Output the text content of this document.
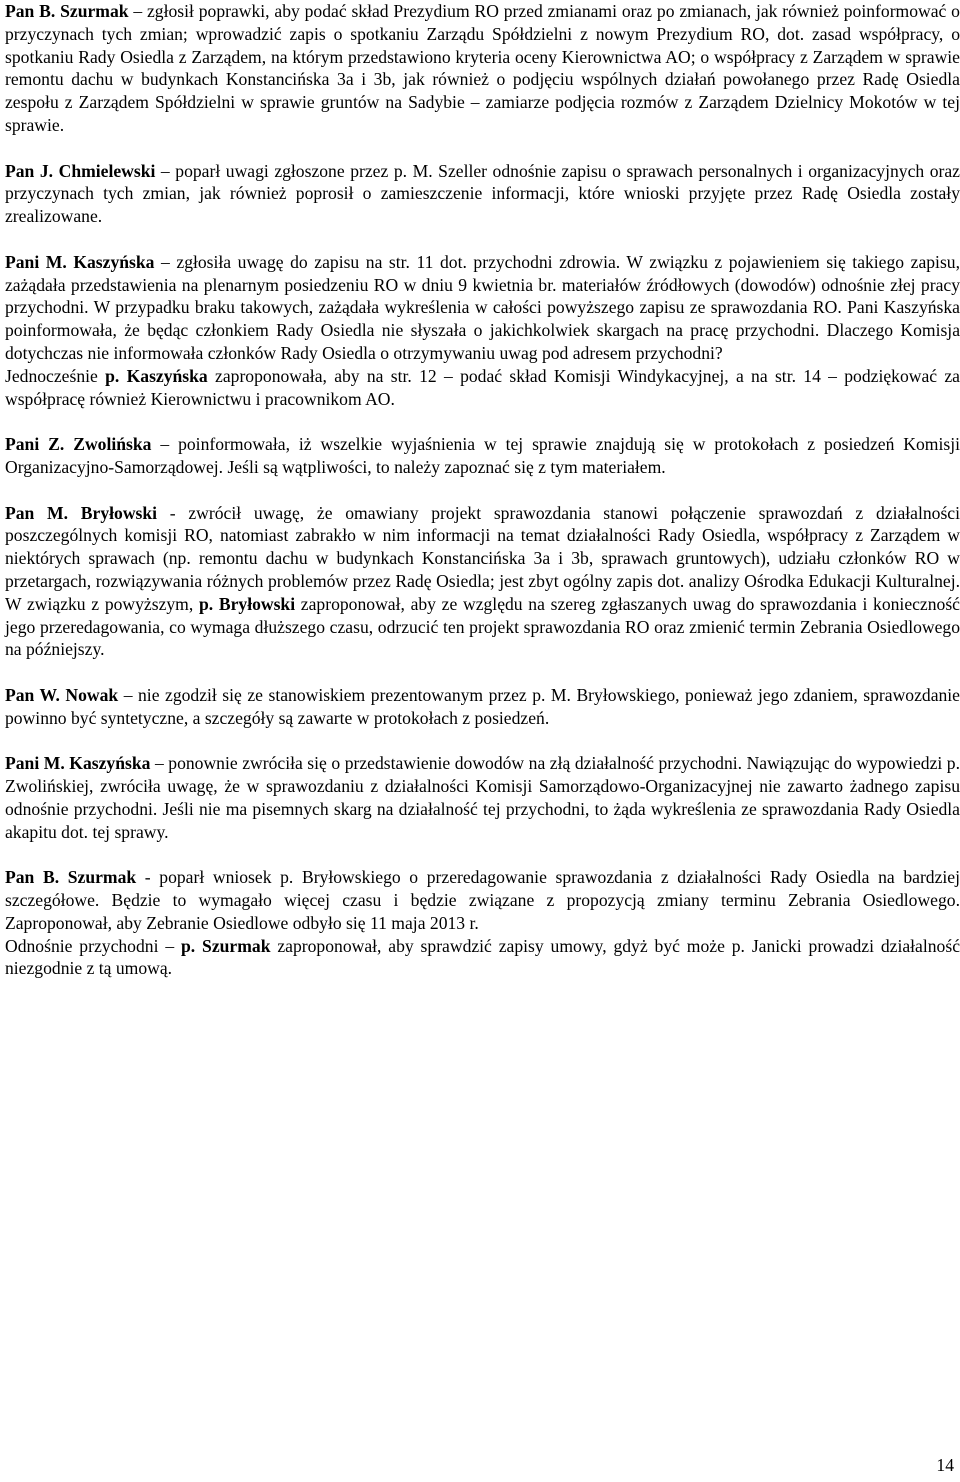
Pan B. Szurmak – zgłosił poprawki, aby podać skład Prezydium RO przed zmianami oraz po zmianach, jak również poinformować o przyczynach tych zmian; wprowadzić zapis o spotkaniu Zarządu Spółdzielni z nowym Prezydium RO, dot. zasad współpracy, o spotkaniu Rady Osiedla z Zarządem, na którym przedstawiono kryteria oceny Kierownictwa AO; o współpracy z Zarządem w sprawie remontu dachu w budynkach Konstancińska 3a i 3b, jak również o podjęciu wspólnych działań powołanego przez Radę Osiedla zespołu z Zarządem Spółdzielni w sprawie gruntów na Sadybie – zamiarze podjęcia rozmów z Zarządem Dzielnicy Mokotów w tej sprawie.

Pan J. Chmielewski – poparł uwagi zgłoszone przez p. M. Szeller odnośnie zapisu o sprawach personalnych i organizacyjnych oraz przyczynach tych zmian, jak również poprosił o zamieszczenie informacji, które wnioski przyjęte przez Radę Osiedla zostały zrealizowane.

Pani M. Kaszyńska – zgłosiła uwagę do zapisu na str. 11 dot. przychodni zdrowia. W związku z pojawieniem się takiego zapisu, zażądała przedstawienia na plenarnym posiedzeniu RO w dniu 9 kwietnia br. materiałów źródłowych (dowodów) odnośnie złej pracy przychodni. W przypadku braku takowych, zażądała wykreślenia w całości powyższego zapisu ze sprawozdania RO. Pani Kaszyńska poinformowała, że będąc członkiem Rady Osiedla nie słyszała o jakichkolwiek skargach na pracę przychodni. Dlaczego Komisja dotychczas nie informowała członków Rady Osiedla o otrzymywaniu uwag pod adresem przychodni?

Jednocześnie p. Kaszyńska zaproponowała, aby na str. 12 – podać skład Komisji Windykacyjnej, a na str. 14 – podziękować za współpracę również Kierownictwu i pracownikom AO.

Pani Z. Zwolińska – poinformowała, iż wszelkie wyjaśnienia w tej sprawie znajdują się w protokołach z posiedzeń Komisji Organizacyjno-Samorządowej. Jeśli są wątpliwości, to należy zapoznać się z tym materiałem.

Pan M. Bryłowski - zwrócił uwagę, że omawiany projekt sprawozdania stanowi połączenie sprawozdań z działalności poszczególnych komisji RO, natomiast zabrakło w nim informacji na temat działalności Rady Osiedla, współpracy z Zarządem w niektórych sprawach (np. remontu dachu w budynkach Konstancińska 3a i 3b, sprawach gruntowych), udziału członków RO w przetargach, rozwiązywania różnych problemów przez Radę Osiedla; jest zbyt ogólny zapis dot. analizy Ośrodka Edukacji Kulturalnej. W związku z powyższym, p. Bryłowski zaproponował, aby ze względu na szereg zgłaszanych uwag do sprawozdania i konieczność jego przeredagowania, co wymaga dłuższego czasu, odrzucić ten projekt sprawozdania RO oraz zmienić termin Zebrania Osiedlowego na późniejszy.

Pan W. Nowak – nie zgodził się ze stanowiskiem prezentowanym przez p. M. Bryłowskiego, ponieważ jego zdaniem, sprawozdanie powinno być syntetyczne, a szczegóły są zawarte w protokołach z posiedzeń.

Pani M. Kaszyńska – ponownie zwróciła się o przedstawienie dowodów na złą działalność przychodni. Nawiązując do wypowiedzi p. Zwolińskiej, zwróciła uwagę, że w sprawozdaniu z działalności Komisji Samorządowo-Organizacyjnej nie zawarto żadnego zapisu odnośnie przychodni. Jeśli nie ma pisemnych skarg na działalność tej przychodni, to żąda wykreślenia ze sprawozdania Rady Osiedla akapitu dot. tej sprawy.

Pan B. Szurmak - poparł wniosek p. Bryłowskiego o przeredagowanie sprawozdania z działalności Rady Osiedla na bardziej szczegółowe. Będzie to wymagało więcej czasu i będzie związane z propozycją zmiany terminu Zebrania Osiedlowego. Zaproponował, aby Zebranie Osiedlowe odbyło się 11 maja 2013 r.

Odnośnie przychodni – p. Szurmak zaproponował, aby sprawdzić zapisy umowy, gdyż być może p. Janicki prowadzi działalność niezgodnie z tą umową.

14
